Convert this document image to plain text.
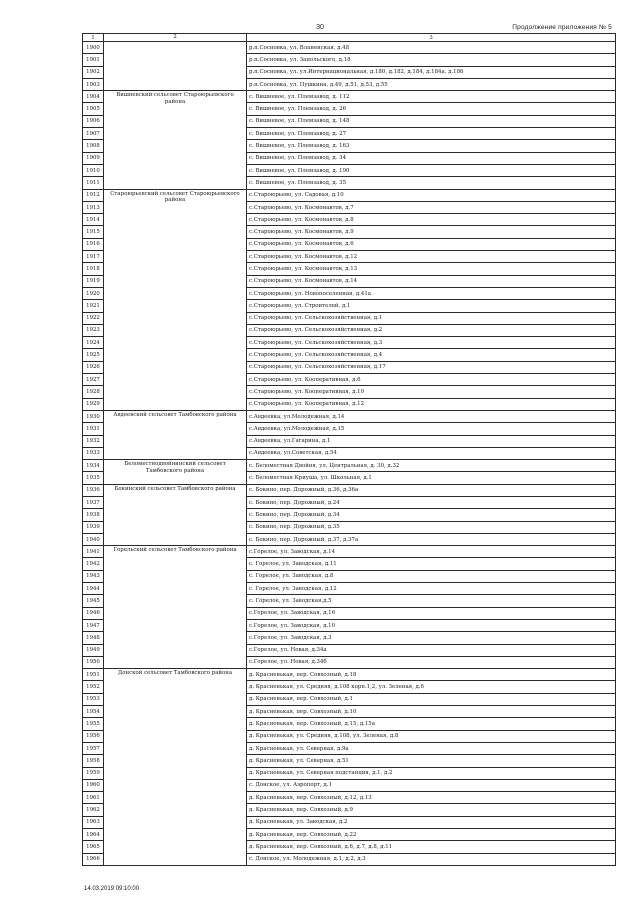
30	Продолжение приложения № 5
1	2	3
1900		р.п.Сосновка, ул. Вланенская, д.48
1901		р.п.Сосновка, ул. Запольского, д.18
1902		р.п.Сосновка, ул. ул.Интернациональная, д.180, д.182, д.184, д.184а, д.186
1903		р.п.Сосновка, ул. Пушкина, д.49, д.51, д.53, д.55
1904	Вишневский сельсовет Староюрьевского района	с. Вишневое, ул. Племзавод, д. 112
1905		с. Вишневое, ул. Племзавод, д. 26
1906		с. Вишневое, ул. Племзавод, д. 148
1907		с. Вишневое, ул. Племзавод, д. 27
1908		с. Вишневое, ул. Племзавод, д. 163
1909		с. Вишневое, ул. Племзавод, д. 34
1910		с. Вишневое, ул. Племзавод, д. 190
1911		с. Вишневое, ул. Племзавод, д. 35
1912	Староюрьевский сельсовет Староюрьевского района	с.Староюрьево, ул. Садовая, д.10
1913		с.Староюрьево, ул. Космонавтов, д.7
1914		с.Староюрьево, ул. Космонавтов, д.8
1915		с.Староюрьево, ул. Космонавтов, д.9
1916		с.Староюрьево, ул. Космонавтов, д.6
1917		с.Староюрьево, ул. Космонавтов, д.12
1918		с.Староюрьево, ул. Космонавтов, д.13
1919		с.Староюрьево, ул. Космонавтов, д.14
1920		с.Староюрьево, ул. Новопоселенная, д.41а
1921		с.Староюрьево, ул. Строителей, д.1
1922		с.Староюрьево, ул. Сельскохозяйственная, д.1
1923		с.Староюрьево, ул. Сельскохозяйственная, д.2
1924		с.Староюрьево, ул. Сельскохозяйственная, д.3
1925		с.Староюрьево, ул. Сельскохозяйственная, д.4
1926		с.Староюрьево, ул. Сельскохозяйственная, д.17
1927		с.Староюрьево, ул. Кооперативная, д.6
1928		с.Староюрьево, ул. Кооперативная, д.10
1929		с.Староюрьево, ул. Кооперативная, д.12
1930	Авдеевский сельсовет Тамбовского района	с.Авдеевка, ул.Молодежная, д.14
1931		с.Авдеевка, ул.Молодежная, д.15
1932		с.Авдеевка, ул.Гагарина, д.1
1933		с.Авдеевка, ул.Советская, д.54
1934	Беломестнодвойнинский сельсовет Тамбовского района	с. Беломестная Двойня, ул. Центральная, д. 30, д.32
1935		с. Беломестная Криуша, ул. Школьная, д.1
1936	Бокинский сельсовет Тамбовского района	с. Бокино, пер. Дорожный, д.36, д.36а
1937		с. Бокино, пер. Дорожный, д.24
1938		с. Бокино, пер. Дорожный, д.34
1939		с. Бокино, пер. Дорожный, д.35
1940		с. Бокино, пер. Дорожный, д.37, д.37а
1941	Горельский сельсовет Тамбовского района	с.Горелое, ул. Заводская, д.14
1942		с. Горелое, ул. Заводская, д.11
1943		с. Горелое, ул. Заводская, д.8
1944		с. Горелое, ул. Заводская, д.12
1945		с. Горелое, ул. Заводская,д.5
1946		с.Горелое, ул. Заводская, д.16
1947		с.Горелое, ул. Заводская, д.10
1948		с.Горелое, ул. Заводская, д.3
1949		с.Горелое, ул. Новая, д.34а
1950		с.Горелое, ул. Новая, д.34б
1951	Донской сельсовет Тамбовского района	д. Красненькая, пер. Совхозный, д.18
1952		д. Красненькая, ул. Средняя, д.108 корп.1,2, ул. Зеленая, д.6
1953		д. Красненькая, пер. Совхозный, д.1
1954		д. Красненькая, пер. Совхозный, д.10
1955		д. Красненькая, пер. Совхозный, д.15, д.15а
1956		д. Красненькая, ул. Средняя, д.108, ул. Зеленая, д.8
1957		д. Красненькая, ул. Северная, д.9а
1958		д. Красненькая, ул. Северная, д.51
1959		д. Красненькая, ул. Северная подстанция, д.1, д.2
1960		с. Донское, ул. Аэропорт, д.1
1961		д. Красненькая, пер. Совхозный, д.12, д.13
1962		д. Красненькая, пер. Совхозный, д.9
1963		д. Красненькая, ул. Заводская, д.2
1964		д. Красненькая, пер. Совхозный, д.22
1965		д. Красненькая, пер. Совхозный, д.6, д.7, д.8, д.11
1966		с. Донское, ул. Молодежная, д.1, д.2, д.3
14.03.2019 09:10:00
